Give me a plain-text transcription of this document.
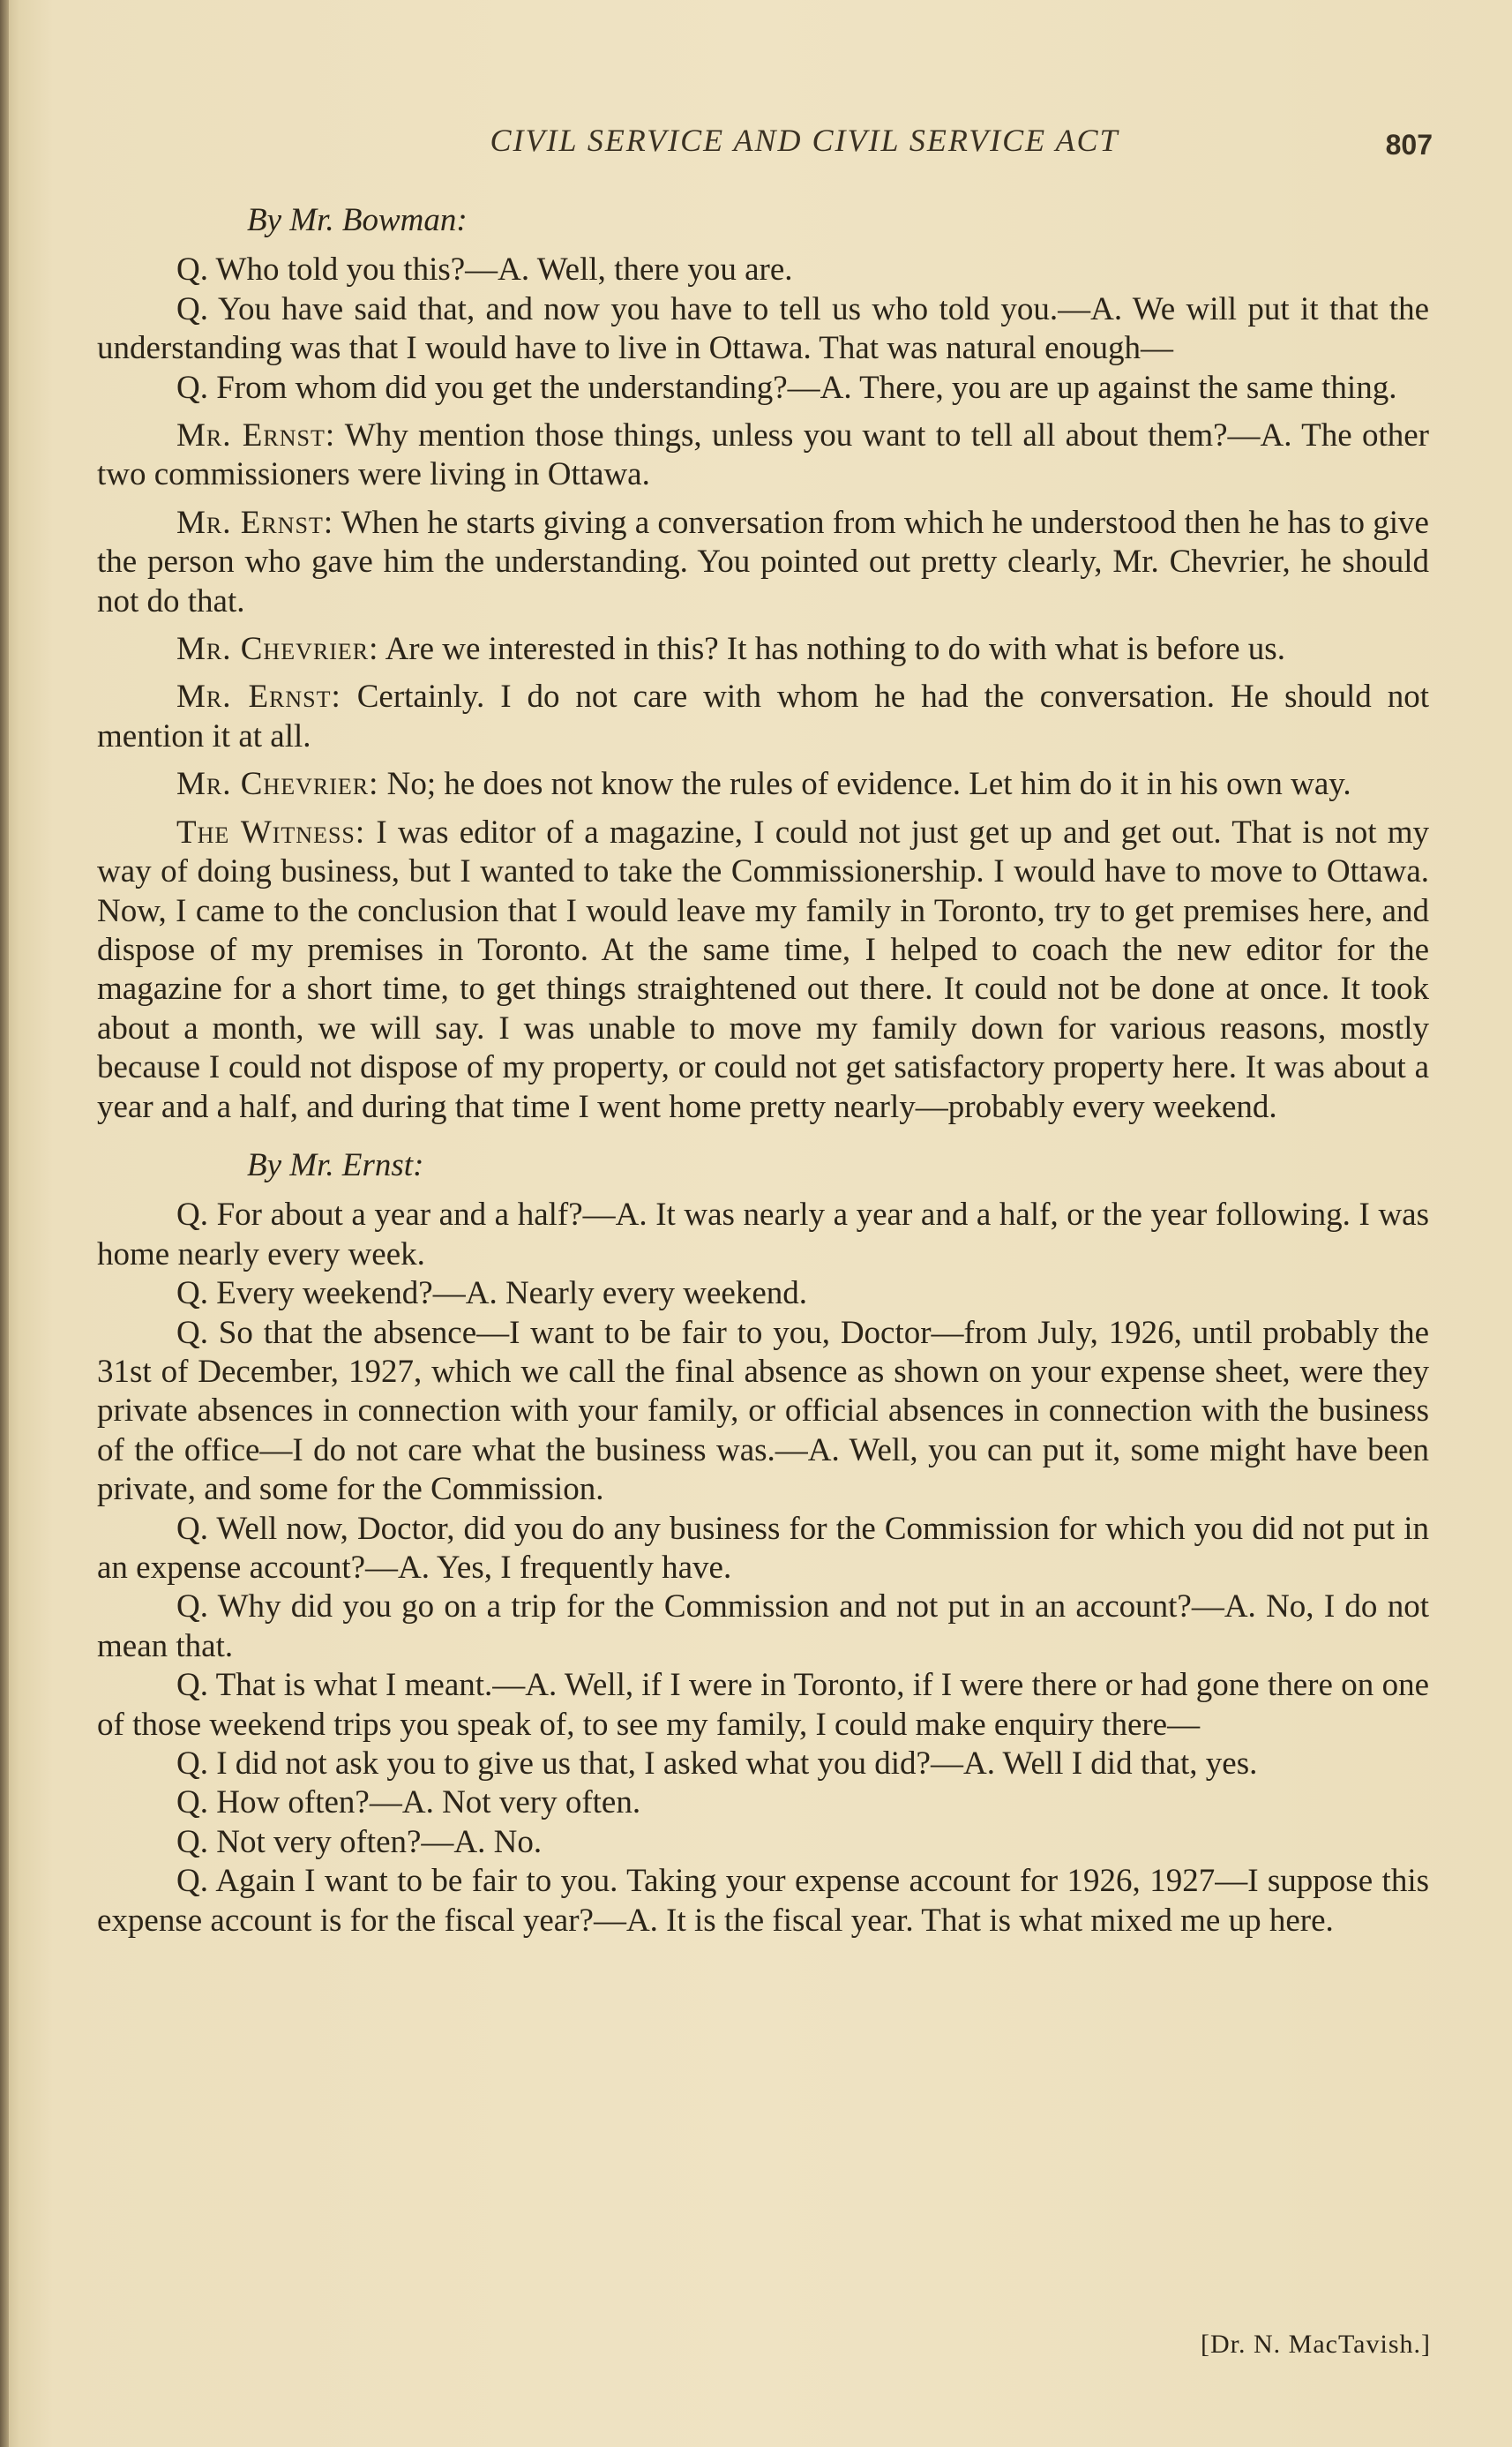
CIVIL SERVICE AND CIVIL SERVICE ACT	807

By Mr. Bowman:

Q. Who told you this?—A. Well, there you are.

Q. You have said that, and now you have to tell us who told you.—A. We will put it that the understanding was that I would have to live in Ottawa. That was natural enough—

Q. From whom did you get the understanding?—A. There, you are up against the same thing.

Mr. Ernst: Why mention those things, unless you want to tell all about them?—A. The other two commissioners were living in Ottawa.

Mr. Ernst: When he starts giving a conversation from which he understood then he has to give the person who gave him the understanding. You pointed out pretty clearly, Mr. Chevrier, he should not do that.

Mr. Chevrier: Are we interested in this? It has nothing to do with what is before us.

Mr. Ernst: Certainly. I do not care with whom he had the conversation. He should not mention it at all.

Mr. Chevrier: No; he does not know the rules of evidence. Let him do it in his own way.

The Witness: I was editor of a magazine, I could not just get up and get out. That is not my way of doing business, but I wanted to take the Commissionership. I would have to move to Ottawa. Now, I came to the conclusion that I would leave my family in Toronto, try to get premises here, and dispose of my premises in Toronto. At the same time, I helped to coach the new editor for the magazine for a short time, to get things straightened out there. It could not be done at once. It took about a month, we will say. I was unable to move my family down for various reasons, mostly because I could not dispose of my property, or could not get satisfactory property here. It was about a year and a half, and during that time I went home pretty nearly—probably every weekend.

By Mr. Ernst:

Q. For about a year and a half?—A. It was nearly a year and a half, or the year following. I was home nearly every week.

Q. Every weekend?—A. Nearly every weekend.

Q. So that the absence—I want to be fair to you, Doctor—from July, 1926, until probably the 31st of December, 1927, which we call the final absence as shown on your expense sheet, were they private absences in connection with your family, or official absences in connection with the business of the office—I do not care what the business was.—A. Well, you can put it, some might have been private, and some for the Commission.

Q. Well now, Doctor, did you do any business for the Commission for which you did not put in an expense account?—A. Yes, I frequently have.

Q. Why did you go on a trip for the Commission and not put in an account?—A. No, I do not mean that.

Q. That is what I meant.—A. Well, if I were in Toronto, if I were there or had gone there on one of those weekend trips you speak of, to see my family, I could make enquiry there—

Q. I did not ask you to give us that, I asked what you did?—A. Well I did that, yes.

Q. How often?—A. Not very often.

Q. Not very often?—A. No.

Q. Again I want to be fair to you. Taking your expense account for 1926, 1927—I suppose this expense account is for the fiscal year?—A. It is the fiscal year. That is what mixed me up here.

[Dr. N. MacTavish.]
